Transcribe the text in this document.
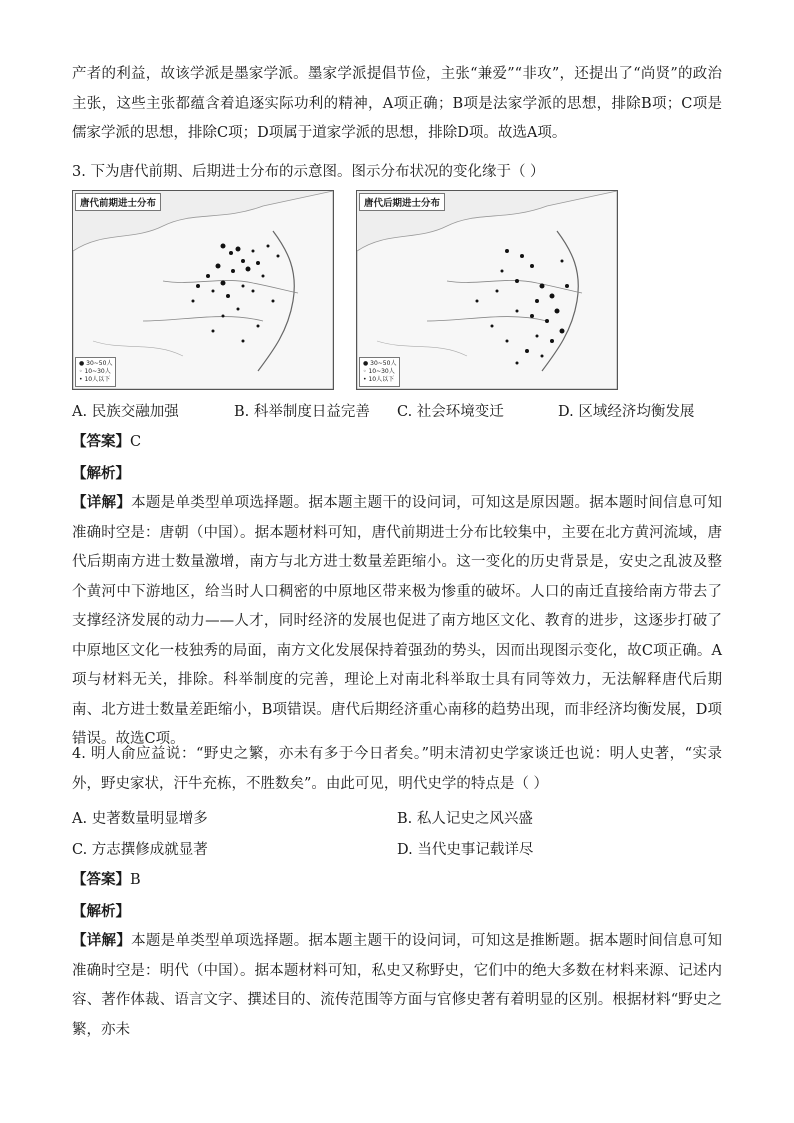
产者的利益，故该学派是墨家学派。墨家学派提倡节俭，主张“兼爱”“非攻”，还提出了“尚贤”的政治主张，这些主张都蕴含着追逐实际功利的精神，A项正确；B项是法家学派的思想，排除B项；C项是儒家学派的思想，排除C项；D项属于道家学派的思想，排除D项。故选A项。

3. 下为唐代前期、后期进士分布的示意图。图示分布状况的变化缘于（ ）
唐代前期进士分布
● 30~50人
◦ 10~30人
• 10人以下
唐代后期进士分布
● 30~50人
◦ 10~30人
• 10人以下
A. 民族交融加强	B. 科举制度日益完善 C. 社会环境变迁	D. 区域经济均衡发展
【答案】C
【解析】

【详解】本题是单类型单项选择题。据本题主题干的设问词，可知这是原因题。据本题时间信息可知准确时空是：唐朝（中国）。据本题材料可知，唐代前期进士分布比较集中，主要在北方黄河流域，唐代后期南方进士数量激增，南方与北方进士数量差距缩小。这一变化的历史背景是，安史之乱波及整个黄河中下游地区，给当时人口稠密的中原地区带来极为惨重的破坏。人口的南迁直接给南方带去了支撑经济发展的动力——人才，同时经济的发展也促进了南方地区文化、教育的进步，这逐步打破了中原地区文化一枝独秀的局面，南方文化发展保持着强劲的势头，因而出现图示变化，故C项正确。A项与材料无关，排除。科举制度的完善，理论上对南北科举取士具有同等效力，无法解释唐代后期南、北方进士数量差距缩小，B项错误。唐代后期经济重心南移的趋势出现，而非经济均衡发展，D项错误。故选C项。

4. 明人俞应益说：“野史之繁，亦未有多于今日者矣。”明末清初史学家谈迁也说：明人史著，“实录外，野史家状，汗牛充栋，不胜数矣”。由此可见，明代史学的特点是（ ）

A. 史著数量明显增多	B. 私人记史之风兴盛
C. 方志撰修成就显著	D. 当代史事记载详尽
【答案】B
【解析】

【详解】本题是单类型单项选择题。据本题主题干的设问词，可知这是推断题。据本题时间信息可知准确时空是：明代（中国）。据本题材料可知，私史又称野史，它们中的绝大多数在材料来源、记述内容、著作体裁、语言文字、撰述目的、流传范围等方面与官修史著有着明显的区别。根据材料“野史之繁，亦未
